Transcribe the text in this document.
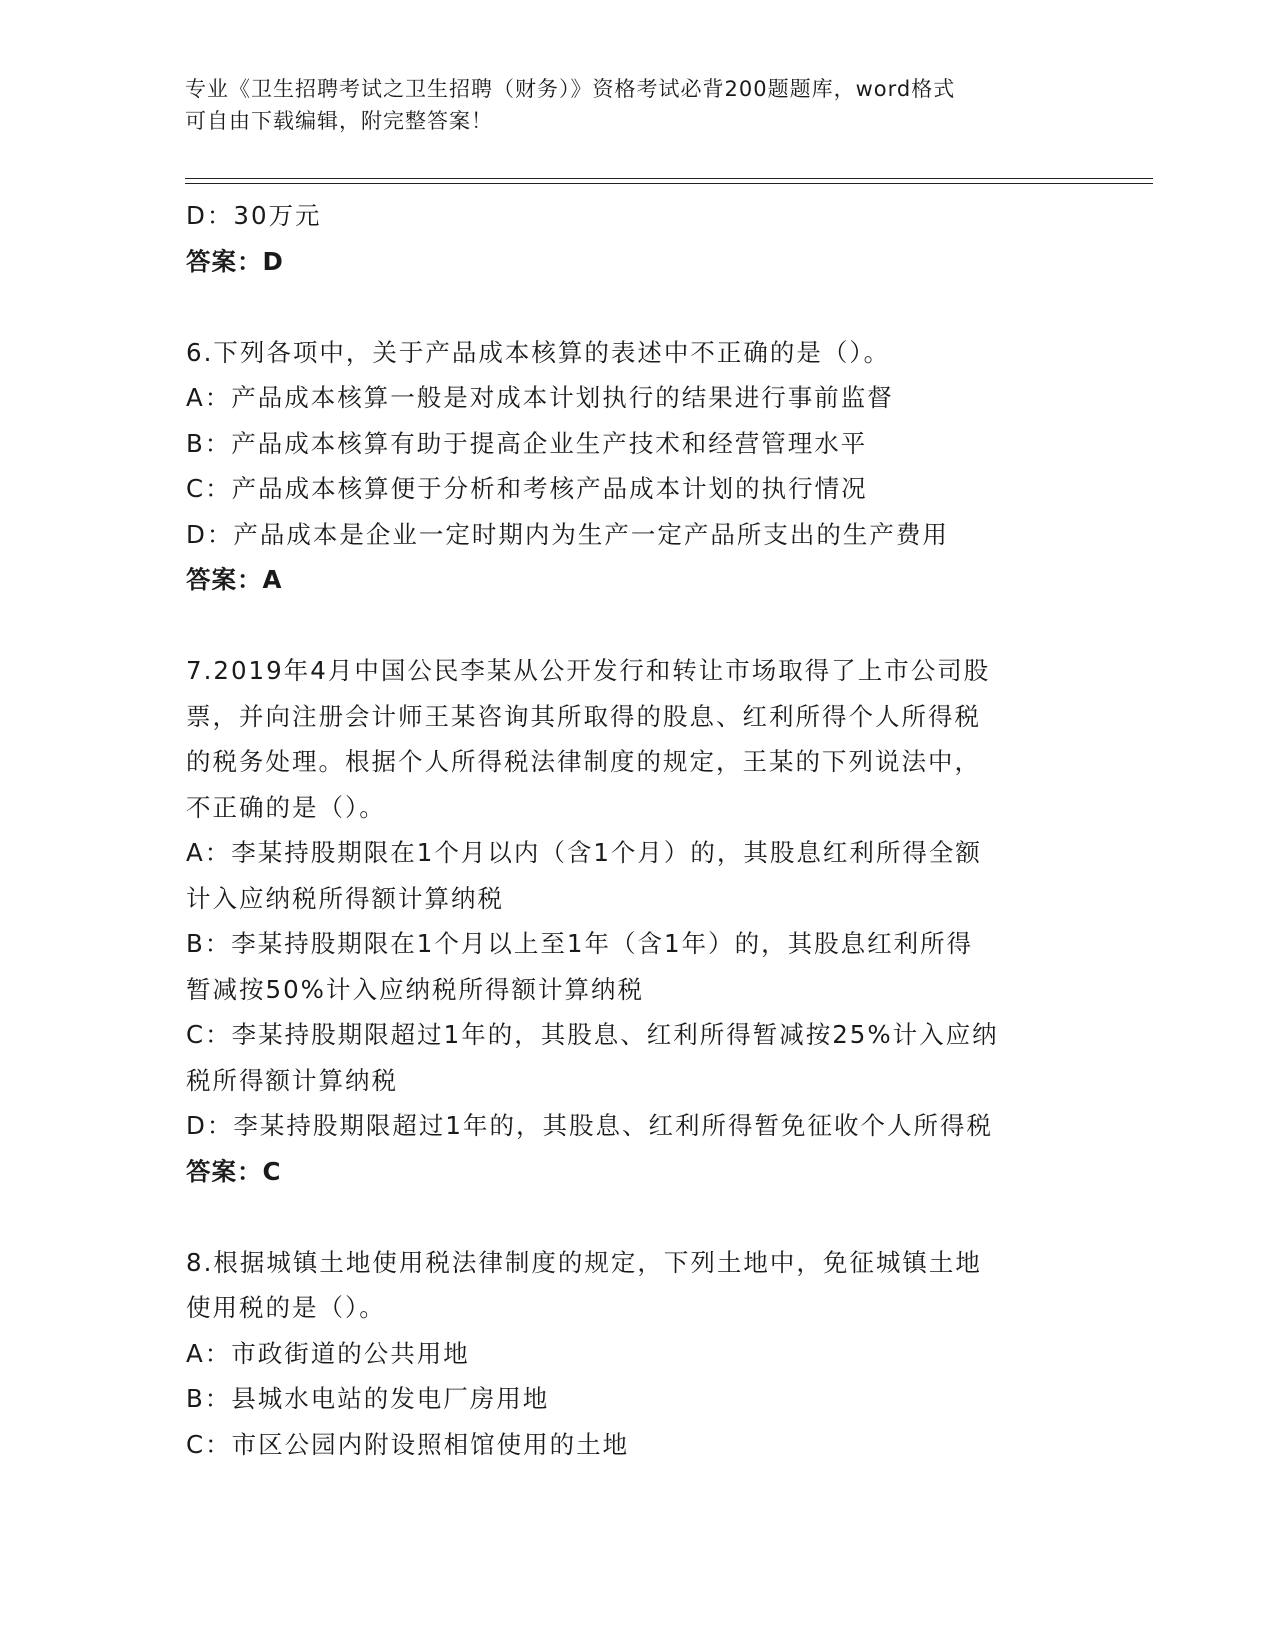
专业《卫生招聘考试之卫生招聘（财务）》资格考试必背200题题库，word格式
可自由下载编辑，附完整答案！
D：30万元
答案：D
6.下列各项中，关于产品成本核算的表述中不正确的是（）。
A：产品成本核算一般是对成本计划执行的结果进行事前监督
B：产品成本核算有助于提高企业生产技术和经营管理水平
C：产品成本核算便于分析和考核产品成本计划的执行情况
D：产品成本是企业一定时期内为生产一定产品所支出的生产费用
答案：A
7.2019年4月中国公民李某从公开发行和转让市场取得了上市公司股
票，并向注册会计师王某咨询其所取得的股息、红利所得个人所得税
的税务处理。根据个人所得税法律制度的规定，王某的下列说法中，
不正确的是（）。
A：李某持股期限在1个月以内（含1个月）的，其股息红利所得全额
计入应纳税所得额计算纳税
B：李某持股期限在1个月以上至1年（含1年）的，其股息红利所得
暂减按50%计入应纳税所得额计算纳税
C：李某持股期限超过1年的，其股息、红利所得暂减按25%计入应纳
税所得额计算纳税
D：李某持股期限超过1年的，其股息、红利所得暂免征收个人所得税
答案：C
8.根据城镇土地使用税法律制度的规定，下列土地中，免征城镇土地
使用税的是（）。
A：市政街道的公共用地
B：县城水电站的发电厂房用地
C：市区公园内附设照相馆使用的土地
